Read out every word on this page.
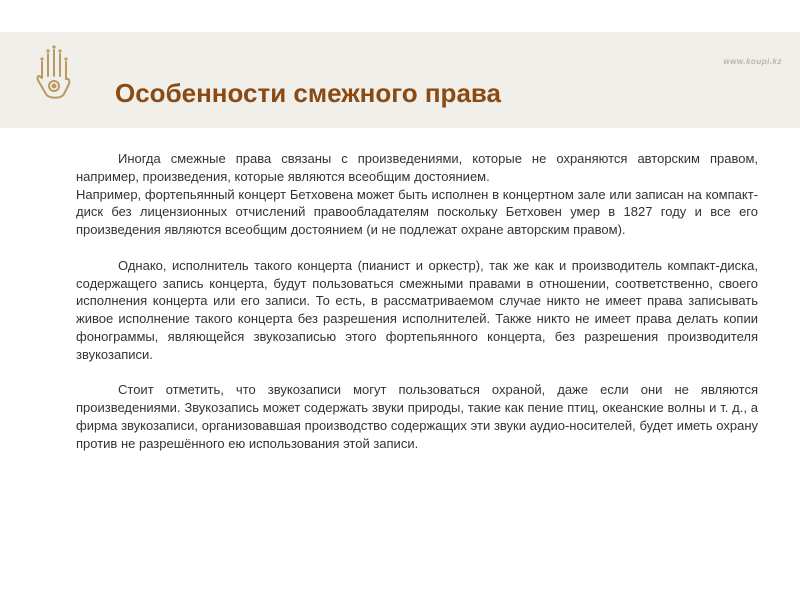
www.koupi.kz
Особенности смежного права

Иногда смежные права связаны с произведениями, которые не охраняются авторским правом, например, произведения, которые являются всеобщим достоянием.

Например, фортепьянный концерт Бетховена может быть исполнен в концертном зале или записан на компакт-диск без лицензионных отчислений правообладателям поскольку Бетховен умер в 1827 году и все его произведения являются всеобщим достоянием (и не подлежат охране авторским правом).

Однако, исполнитель такого концерта (пианист и оркестр), так же как и производитель компакт-диска, содержащего запись концерта, будут пользоваться смежными правами в отношении, соответственно, своего исполнения концерта или его записи. То есть, в рассматриваемом случае никто не имеет права записывать живое исполнение такого концерта без разрешения исполнителей. Также никто не имеет права делать копии фонограммы, являющейся звукозаписью этого фортепьянного концерта, без разрешения производителя звукозаписи.

Стоит отметить, что звукозаписи могут пользоваться охраной, даже если они не являются произведениями. Звукозапись может содержать звуки природы, такие как пение птиц, океанские волны и т. д., а фирма звукозаписи, организовавшая производство содержащих эти звуки аудио-носителей, будет иметь охрану против не разрешённого ею использования этой записи.
